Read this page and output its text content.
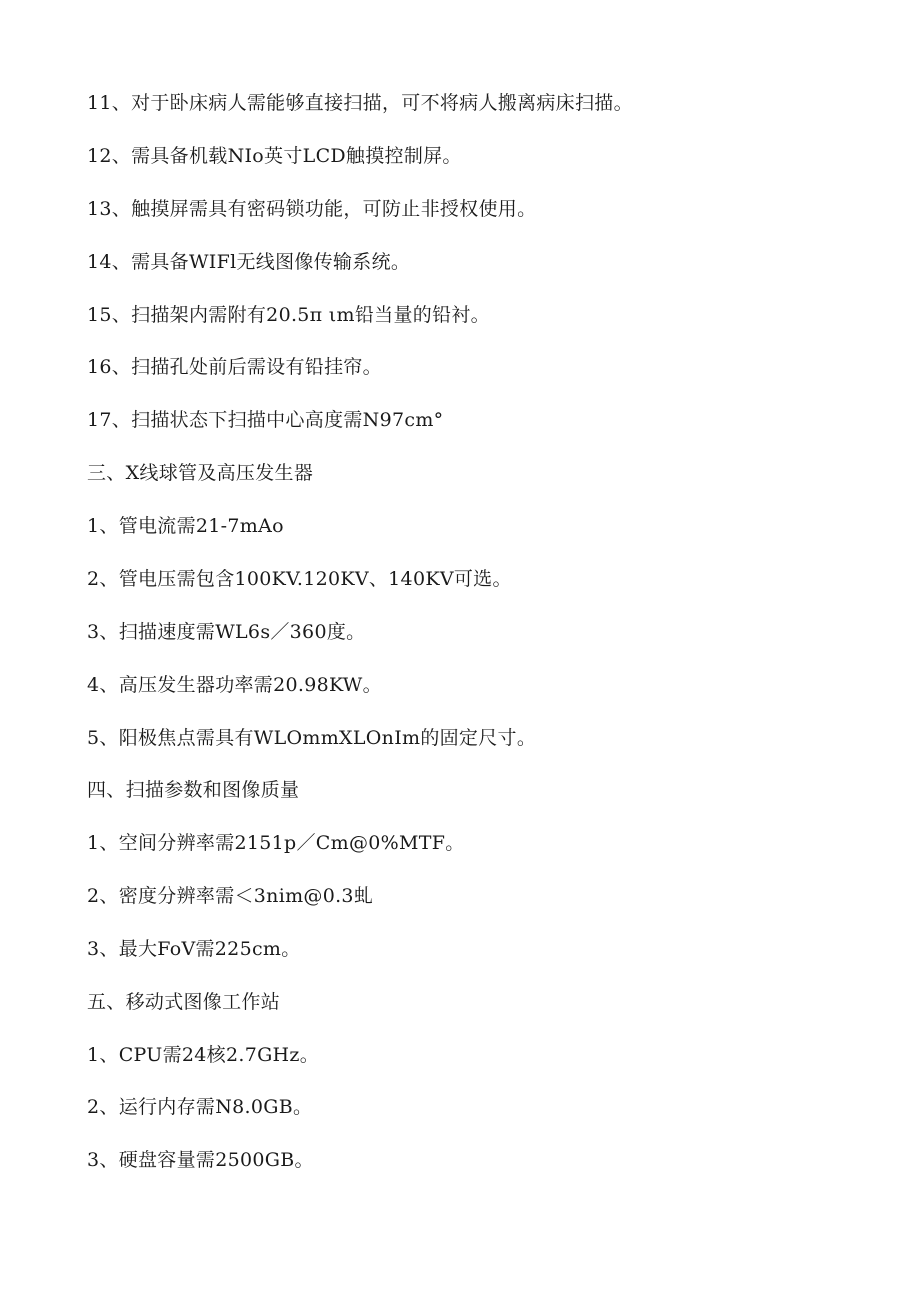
11、对于卧床病人需能够直接扫描，可不将病人搬离病床扫描。
12、需具备机载NIo英寸LCD触摸控制屏。
13、触摸屏需具有密码锁功能，可防止非授权使用。
14、需具备WIFl无线图像传输系统。
15、扫描架内需附有20.5π ιm铅当量的铅衬。
16、扫描孔处前后需设有铅挂帘。
17、扫描状态下扫描中心高度需N97cm°
三、X线球管及高压发生器
1、管电流需21-7mAo
2、管电压需包含100KV.120KV、140KV可选。
3、扫描速度需WL6s／360度。
4、高压发生器功率需20.98KW。
5、阳极焦点需具有WLOmmXLOnIm的固定尺寸。
四、扫描参数和图像质量
1、空间分辨率需2151p／Cm@0%MTF。
2、密度分辨率需＜3nim@0.3虬
3、最大FoV需225cm。
五、移动式图像工作站
1、CPU需24核2.7GHz。
2、运行内存需N8.0GB。
3、硬盘容量需2500GB。
